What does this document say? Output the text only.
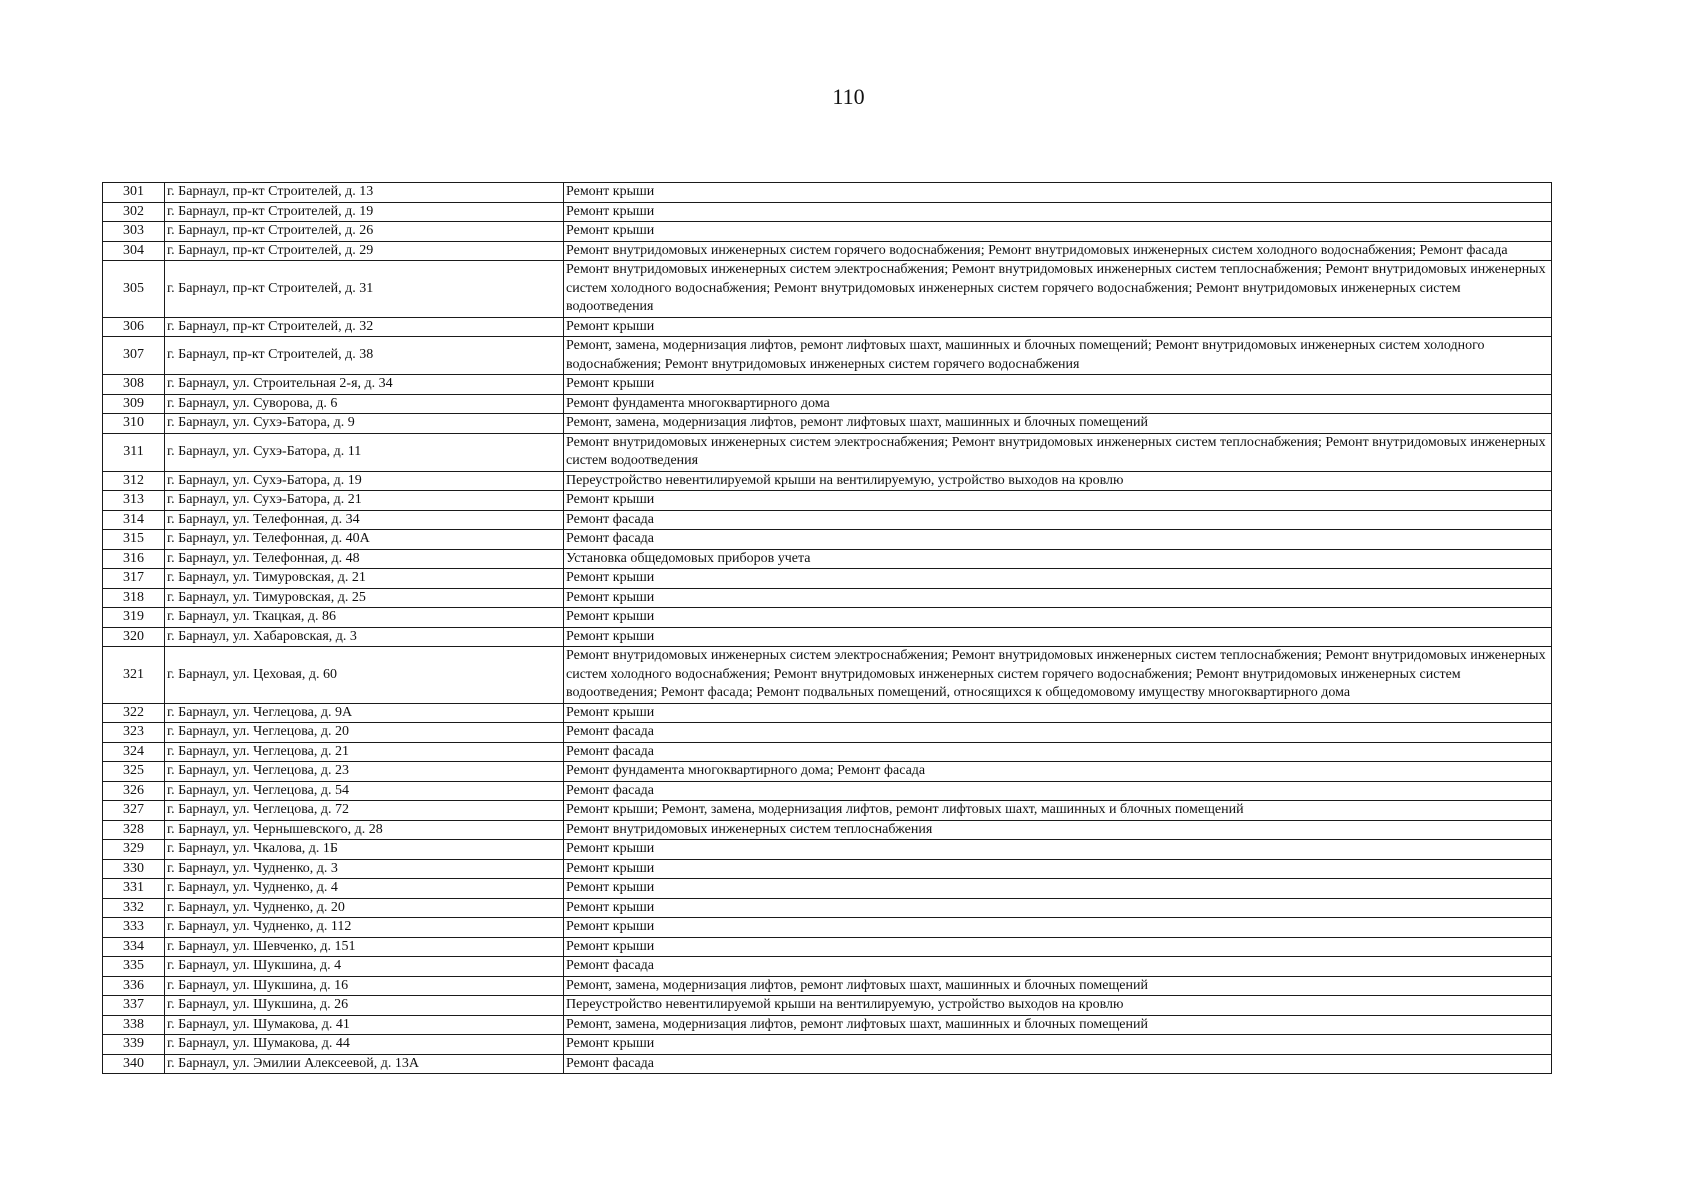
110
301	г. Барнаул, пр-кт Строителей, д. 13	Ремонт крыши
302	г. Барнаул, пр-кт Строителей, д. 19	Ремонт крыши
303	г. Барнаул, пр-кт Строителей, д. 26	Ремонт крыши
304	г. Барнаул, пр-кт Строителей, д. 29	Ремонт внутридомовых инженерных систем горячего водоснабжения; Ремонт внутридомовых инженерных систем холодного водоснабжения; Ремонт фасада
305	г. Барнаул, пр-кт Строителей, д. 31	Ремонт внутридомовых инженерных систем электроснабжения; Ремонт внутридомовых инженерных систем теплоснабжения; Ремонт внутридомовых инженерных систем холодного водоснабжения; Ремонт внутридомовых инженерных систем горячего водоснабжения; Ремонт внутридомовых инженерных систем водоотведения
306	г. Барнаул, пр-кт Строителей, д. 32	Ремонт крыши
307	г. Барнаул, пр-кт Строителей, д. 38	Ремонт, замена, модернизация лифтов, ремонт лифтовых шахт, машинных и блочных помещений; Ремонт внутридомовых инженерных систем холодного водоснабжения; Ремонт внутридомовых инженерных систем горячего водоснабжения
308	г. Барнаул, ул. Строительная 2-я, д. 34	Ремонт крыши
309	г. Барнаул, ул. Суворова, д. 6	Ремонт фундамента многоквартирного дома
310	г. Барнаул, ул. Сухэ-Батора, д. 9	Ремонт, замена, модернизация лифтов, ремонт лифтовых шахт, машинных и блочных помещений
311	г. Барнаул, ул. Сухэ-Батора, д. 11	Ремонт внутридомовых инженерных систем электроснабжения; Ремонт внутридомовых инженерных систем теплоснабжения; Ремонт внутридомовых инженерных систем водоотведения
312	г. Барнаул, ул. Сухэ-Батора, д. 19	Переустройство невентилируемой крыши на вентилируемую, устройство выходов на кровлю
313	г. Барнаул, ул. Сухэ-Батора, д. 21	Ремонт крыши
314	г. Барнаул, ул. Телефонная, д. 34	Ремонт фасада
315	г. Барнаул, ул. Телефонная, д. 40А	Ремонт фасада
316	г. Барнаул, ул. Телефонная, д. 48	Установка общедомовых приборов учета
317	г. Барнаул, ул. Тимуровская, д. 21	Ремонт крыши
318	г. Барнаул, ул. Тимуровская, д. 25	Ремонт крыши
319	г. Барнаул, ул. Ткацкая, д. 86	Ремонт крыши
320	г. Барнаул, ул. Хабаровская, д. 3	Ремонт крыши
321	г. Барнаул, ул. Цеховая, д. 60	Ремонт внутридомовых инженерных систем электроснабжения; Ремонт внутридомовых инженерных систем теплоснабжения; Ремонт внутридомовых инженерных систем холодного водоснабжения; Ремонт внутридомовых инженерных систем горячего водоснабжения; Ремонт внутридомовых инженерных систем водоотведения; Ремонт фасада; Ремонт подвальных помещений, относящихся к общедомовому имуществу многоквартирного дома
322	г. Барнаул, ул. Чеглецова, д. 9А	Ремонт крыши
323	г. Барнаул, ул. Чеглецова, д. 20	Ремонт фасада
324	г. Барнаул, ул. Чеглецова, д. 21	Ремонт фасада
325	г. Барнаул, ул. Чеглецова, д. 23	Ремонт фундамента многоквартирного дома; Ремонт фасада
326	г. Барнаул, ул. Чеглецова, д. 54	Ремонт фасада
327	г. Барнаул, ул. Чеглецова, д. 72	Ремонт крыши; Ремонт, замена, модернизация лифтов, ремонт лифтовых шахт, машинных и блочных помещений
328	г. Барнаул, ул. Чернышевского, д. 28	Ремонт внутридомовых инженерных систем теплоснабжения
329	г. Барнаул, ул. Чкалова, д. 1Б	Ремонт крыши
330	г. Барнаул, ул. Чудненко, д. 3	Ремонт крыши
331	г. Барнаул, ул. Чудненко, д. 4	Ремонт крыши
332	г. Барнаул, ул. Чудненко, д. 20	Ремонт крыши
333	г. Барнаул, ул. Чудненко, д. 112	Ремонт крыши
334	г. Барнаул, ул. Шевченко, д. 151	Ремонт крыши
335	г. Барнаул, ул. Шукшина, д. 4	Ремонт фасада
336	г. Барнаул, ул. Шукшина, д. 16	Ремонт, замена, модернизация лифтов, ремонт лифтовых шахт, машинных и блочных помещений
337	г. Барнаул, ул. Шукшина, д. 26	Переустройство невентилируемой крыши на вентилируемую, устройство выходов на кровлю
338	г. Барнаул, ул. Шумакова, д. 41	Ремонт, замена, модернизация лифтов, ремонт лифтовых шахт, машинных и блочных помещений
339	г. Барнаул, ул. Шумакова, д. 44	Ремонт крыши
340	г. Барнаул, ул. Эмилии Алексеевой, д. 13А	Ремонт фасада
